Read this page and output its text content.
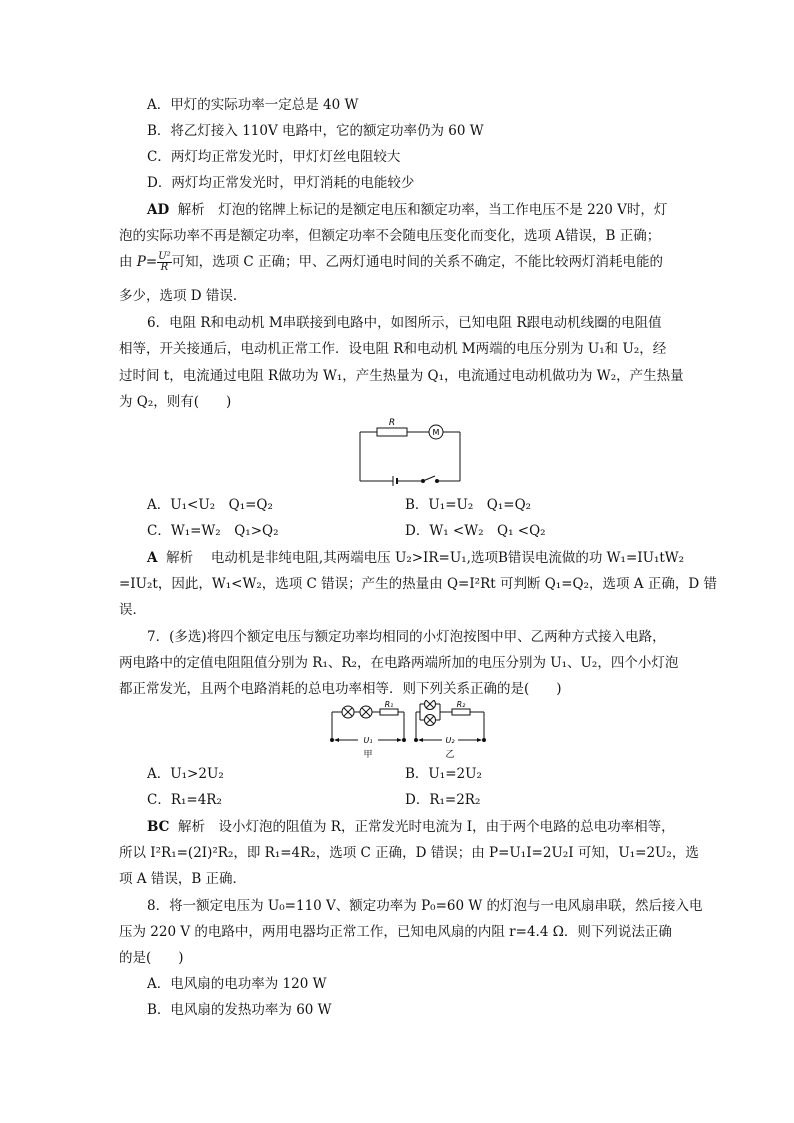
A．甲灯的实际功率一定总是 40 W
B．将乙灯接入 110V 电路中，它的额定功率仍为 60 W
C．两灯均正常发光时，甲灯灯丝电阻较大
D．两灯均正常发光时，甲灯消耗的电能较少
AD 解析　灯泡的铭牌上标记的是额定电压和额定功率，当工作电压不是 220 V时，灯
泡的实际功率不再是额定功率，但额定功率不会随电压变化而变化，选项 A错误，B 正确；
由 $P= \frac{\text{U²}}{R}$ 可知，选项 C 正确；甲、乙两灯通电时间的关系不确定，不能比较两灯消耗电能的
多少，选项 D 错误．
6．电阻 R和电动机 M串联接到电路中，如图所示，已知电阻 R跟电动机线圈的电阻值
相等，开关接通后，电动机正常工作．设电阻 R和电动机 M两端的电压分别为 U₁和 U₂，经
过时间 t，电流通过电阻 R做功为 W₁，产生热量为 Q₁，电流通过电动机做功为 W₂，产生热量
为 Q₂，则有(　　)
R
M
A．U₁<U₂　Q₁=Q₂	B．U₁=U₂　Q₁=Q₂
C．W₁=W₂　Q₁>Q₂	D．W₁ <W₂　Q₁ <Q₂
A 解析　 电动机是非纯电阻,其两端电压 U₂>IR=U₁,选项B错误电流做的功 W₁=IU₁tW₂
=IU₂t，因此，W₁<W₂，选项 C 错误；产生的热量由 Q=I²Rt 可判断 Q₁=Q₂，选项 A 正确，D 错
误．
7．(多选)将四个额定电压与额定功率均相同的小灯泡按图中甲、乙两种方式接入电路，
两电路中的定值电阻阻值分别为 R₁、R₂，在电路两端所加的电压分别为 U₁、U₂，四个小灯泡
都正常发光，且两个电路消耗的总电功率相等．则下列关系正确的是(　　)
R₁	R₂
U₁	U₂
甲	乙
A．U₁>2U₂	B．U₁=2U₂
C．R₁=4R₂	D．R₁=2R₂
BC 解析　设小灯泡的阻值为 R，正常发光时电流为 I，由于两个电路的总电功率相等，
所以 I²R₁=(2I)²R₂，即 R₁=4R₂，选项 C 正确，D 错误；由 P=U₁I=2U₂I 可知，U₁=2U₂，选
项 A 错误，B 正确．
8．将一额定电压为 U₀=110 V、额定功率为 P₀=60 W 的灯泡与一电风扇串联，然后接入电
压为 220 V 的电路中，两用电器均正常工作，已知电风扇的内阻 r=4.4 Ω．则下列说法正确
的是(　　)
A．电风扇的电功率为 120 W
B．电风扇的发热功率为 60 W
